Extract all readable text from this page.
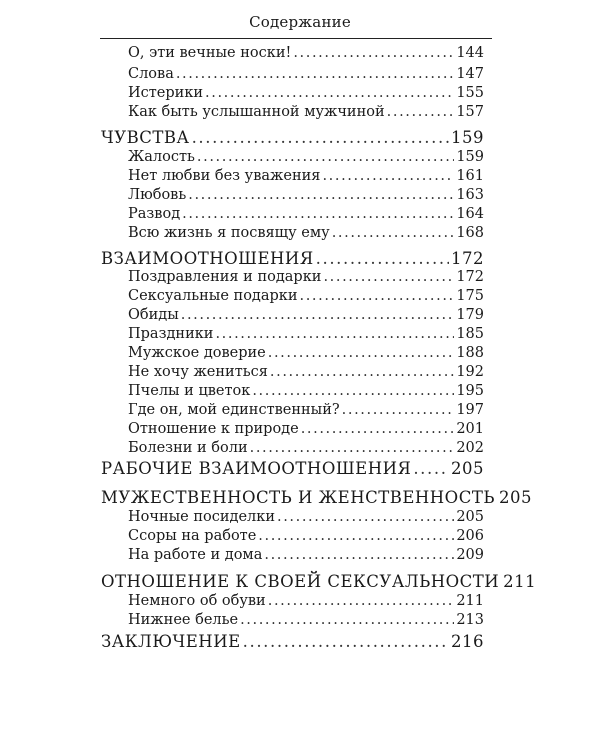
Содержание
О, эти вечные носки! .....	144
Слова .....	147
Истерики .....	155
Как быть услышанной мужчиной .....	157
ЧУВСТВА .....	159
Жалость .....	159
Нет любви без уважения .....	161
Любовь .....	163
Развод .....	164
Всю жизнь я посвящу ему .....	168
ВЗАИМООТНОШЕНИЯ .....	172
Поздравления и подарки .....	172
Сексуальные подарки .....	175
Обиды .....	179
Праздники .....	185
Мужское доверие .....	188
Не хочу жениться .....	192
Пчелы и цветок .....	195
Где он, мой единственный? .....	197
Отношение к природе .....	201
Болезни и боли .....	202
РАБОЧИЕ ВЗАИМООТНОШЕНИЯ ..... 205
МУЖЕСТВЕННОСТЬ И ЖЕНСТВЕННОСТЬ 205
Ночные посиделки .....	205
Ссоры на работе .....	206
На работе и дома .....	209
ОТНОШЕНИЕ К СВОЕЙ СЕКСУАЛЬНОСТИ 211
Немного об обуви .....	211
Нижнее белье .....	213
ЗАКЛЮЧЕНИЕ .....	216
